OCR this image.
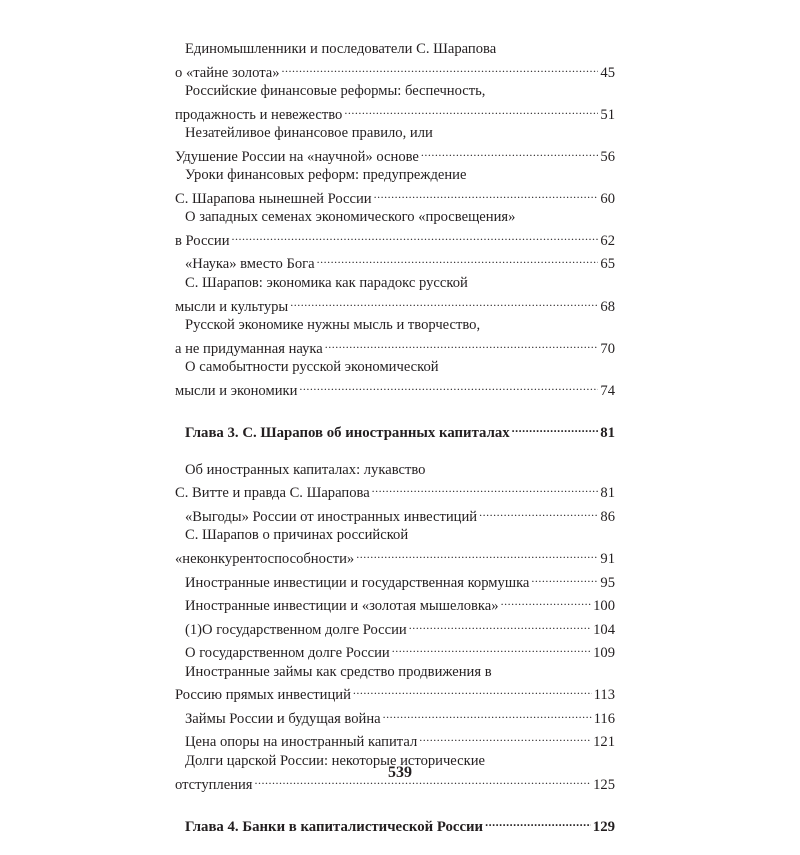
Единомышленники и последователи С. Шарапова
о «тайне золота» .....	45
Российские финансовые реформы: беспечность,
продажность и невежество .....	51
Незатейливое финансовое правило, или
Удушение России на «научной» основе .....	56
Уроки финансовых реформ: предупреждение
С. Шарапова нынешней России .....	60
О западных семенах экономического «просвещения»
в России .....	62
«Наука» вместо Бога .....	65
С. Шарапов: экономика как парадокс русской
мысли и культуры .....	68
Русской экономике нужны мысль и творчество,
а не придуманная наука .....	70
О самобытности русской экономической
мысли и экономики .....	74
Глава 3. С. Шарапов об иностранных капиталах .....	81
Об иностранных капиталах: лукавство
С. Витте и правда С. Шарапова .....	81
«Выгоды» России от иностранных инвестиций .....	86
С. Шарапов о причинах российской
«неконкурентоспособности» .....	91
Иностранные инвестиции и государственная кормушка .....	95
Иностранные инвестиции и «золотая мышеловка» .....	100
(1)О государственном долге России .....	104
О государственном долге России .....	109
Иностранные займы как средство продвижения в
Россию прямых инвестиций .....	113
Займы России и будущая война .....	116
Цена опоры на иностранный капитал .....	121
Долги царской России: некоторые исторические
отступления .....	125
Глава 4. Банки в капиталистической России .....	129
539
